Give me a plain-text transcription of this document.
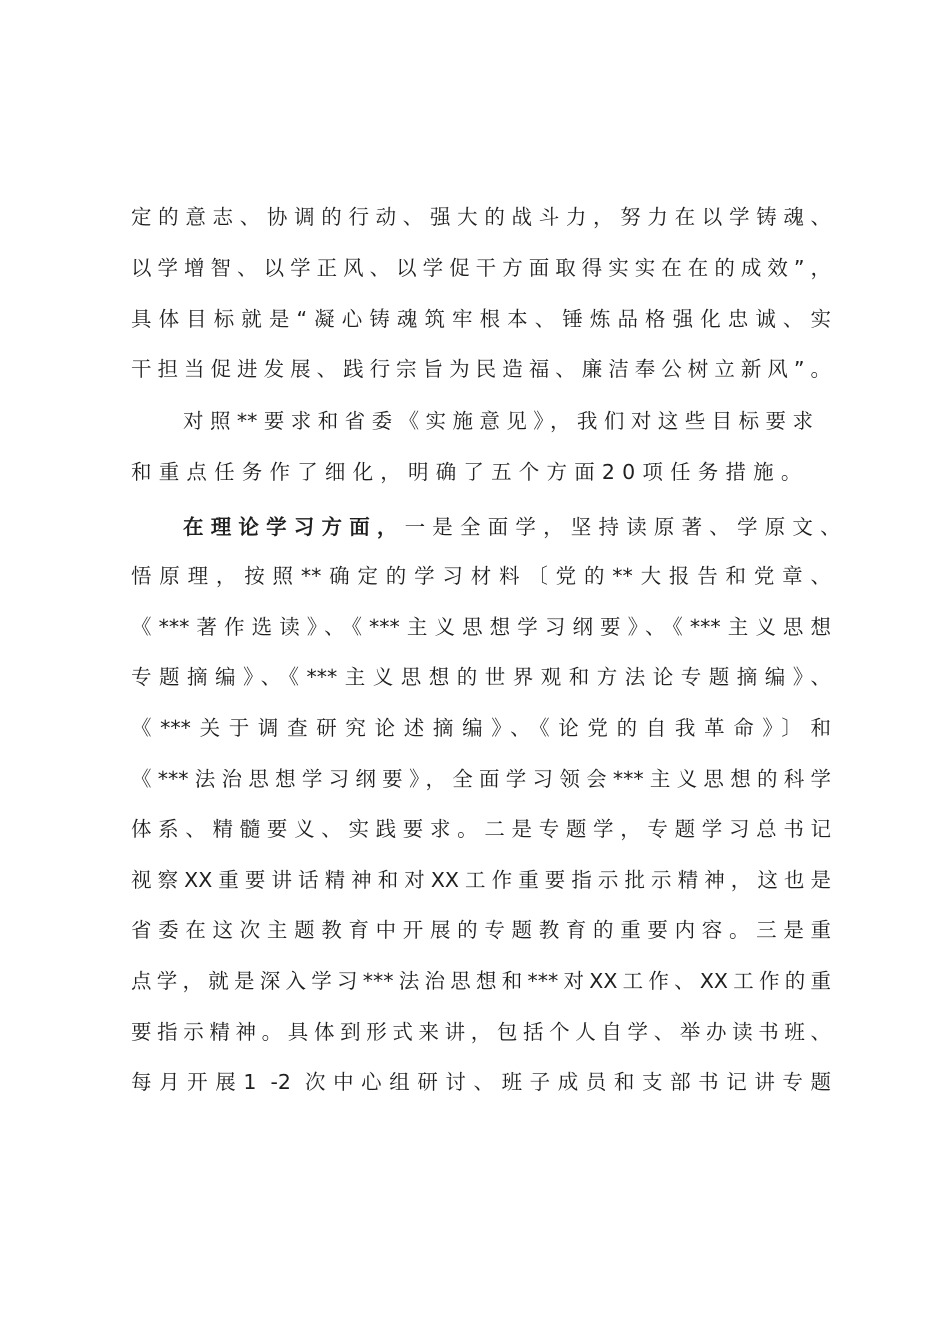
定的意志、协调的行动、强大的战斗力，努力在以学铸魂、
以学增智、以学正风、以学促干方面取得实实在在的成效”，
具体目标就是“凝心铸魂筑牢根本、锤炼品格强化忠诚、实
干担当促进发展、践行宗旨为民造福、廉洁奉公树立新风”。
对照**要求和省委《实施意见》，我们对这些目标要求
和重点任务作了细化，明确了五个方面20项任务措施。
在理论学习方面，一是全面学，坚持读原著、学原文、
悟原理，按照**确定的学习材料〔党的**大报告和党章、
《***著作选读》、《***主义思想学习纲要》、《***主义思想
专题摘编》、《***主义思想的世界观和方法论专题摘编》、
《***关于调查研究论述摘编》、《论党的自我革命》〕和
《***法治思想学习纲要》，全面学习领会***主义思想的科学
体系、精髓要义、实践要求。二是专题学，专题学习总书记
视察XX重要讲话精神和对XX工作重要指示批示精神，这也是
省委在这次主题教育中开展的专题教育的重要内容。三是重
点学，就是深入学习***法治思想和***对XX工作、XX工作的重
要指示精神。具体到形式来讲，包括个人自学、举办读书班、
每月开展1 -2 次中心组研讨、班子成员和支部书记讲专题
